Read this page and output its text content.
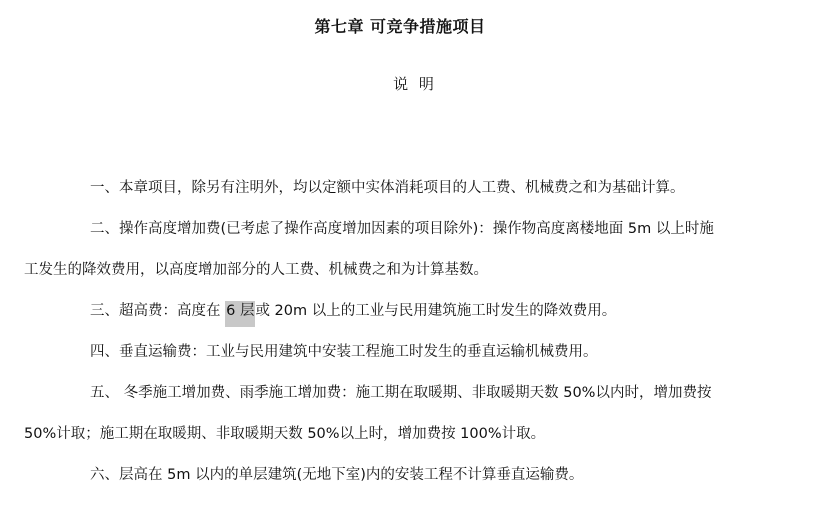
第七章 可竞争措施项目
说 明
一、本章项目，除另有注明外，均以定额中实体消耗项目的人工费、机械费之和为基础计算。
二、操作高度增加费(已考虑了操作高度增加因素的项目除外)：操作物高度离楼地面 5m 以上时施
工发生的降效费用，以高度增加部分的人工费、机械费之和为计算基数。
三、超高费：高度在 6 层或 20m 以上的工业与民用建筑施工时发生的降效费用。
四、垂直运输费：工业与民用建筑中安装工程施工时发生的垂直运输机械费用。
五、 冬季施工增加费、雨季施工增加费：施工期在取暖期、非取暖期天数 50%以内时，增加费按
50%计取；施工期在取暖期、非取暖期天数 50%以上时，增加费按 100%计取。
六、层高在 5m 以内的单层建筑(无地下室)内的安装工程不计算垂直运输费。
